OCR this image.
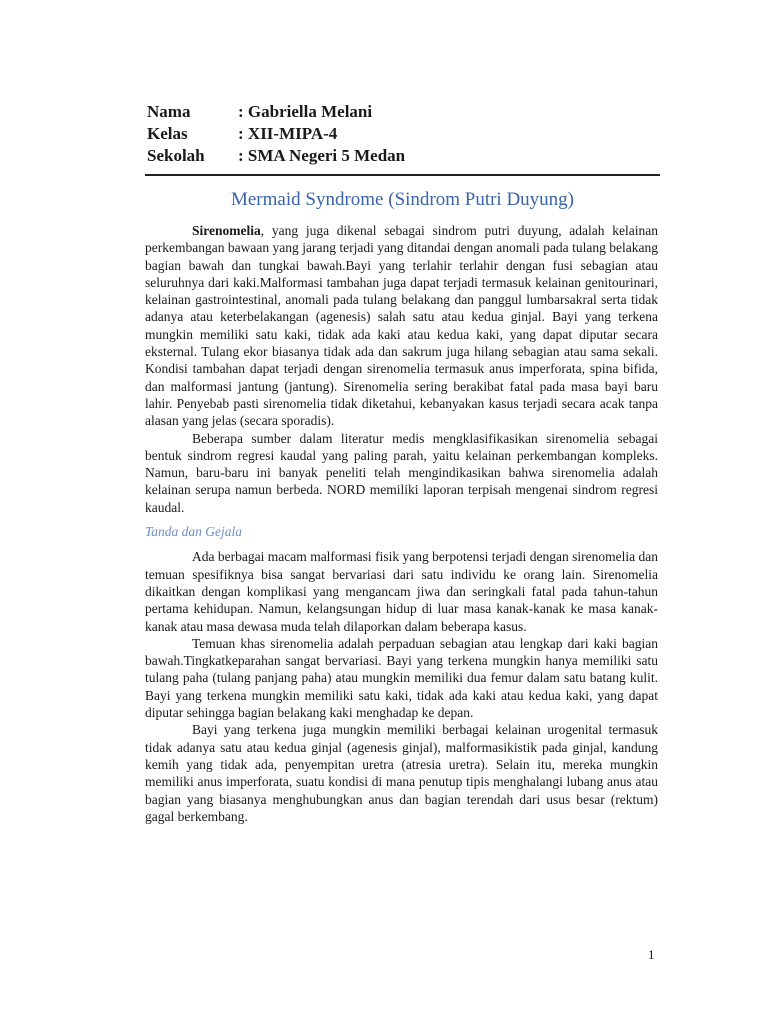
Nama	: Gabriella Melani
Kelas	: XII-MIPA-4
Sekolah	: SMA Negeri 5 Medan
Mermaid Syndrome (Sindrom Putri Duyung)

Sirenomelia, yang juga dikenal sebagai sindrom putri duyung, adalah kelainan perkembangan bawaan yang jarang terjadi yang ditandai dengan anomali pada tulang belakang bagian bawah dan tungkai bawah.Bayi yang terlahir terlahir dengan fusi sebagian atau seluruhnya dari kaki.Malformasi tambahan juga dapat terjadi termasuk kelainan genitourinari, kelainan gastrointestinal, anomali pada tulang belakang dan panggul lumbarsakral serta tidak adanya atau keterbelakangan (agenesis) salah satu atau kedua ginjal. Bayi yang terkena mungkin memiliki satu kaki, tidak ada kaki atau kedua kaki, yang dapat diputar secara eksternal. Tulang ekor biasanya tidak ada dan sakrum juga hilang sebagian atau sama sekali. Kondisi tambahan dapat terjadi dengan sirenomelia termasuk anus imperforata, spina bifida, dan malformasi jantung (jantung). Sirenomelia sering berakibat fatal pada masa bayi baru lahir. Penyebab pasti sirenomelia tidak diketahui, kebanyakan kasus terjadi secara acak tanpa alasan yang jelas (secara sporadis).

Beberapa sumber dalam literatur medis mengklasifikasikan sirenomelia sebagai bentuk sindrom regresi kaudal yang paling parah, yaitu kelainan perkembangan kompleks. Namun, baru-baru ini banyak peneliti telah mengindikasikan bahwa sirenomelia adalah kelainan serupa namun berbeda. NORD memiliki laporan terpisah mengenai sindrom regresi kaudal.

Tanda dan Gejala

Ada berbagai macam malformasi fisik yang berpotensi terjadi dengan sirenomelia dan temuan spesifiknya bisa sangat bervariasi dari satu individu ke orang lain. Sirenomelia dikaitkan dengan komplikasi yang mengancam jiwa dan seringkali fatal pada tahun-tahun pertama kehidupan. Namun, kelangsungan hidup di luar masa kanak-kanak ke masa kanak-kanak atau masa dewasa muda telah dilaporkan dalam beberapa kasus.

Temuan khas sirenomelia adalah perpaduan sebagian atau lengkap dari kaki bagian bawah.Tingkatkeparahan sangat bervariasi. Bayi yang terkena mungkin hanya memiliki satu tulang paha (tulang panjang paha) atau mungkin memiliki dua femur dalam satu batang kulit. Bayi yang terkena mungkin memiliki satu kaki, tidak ada kaki atau kedua kaki, yang dapat diputar sehingga bagian belakang kaki menghadap ke depan.

Bayi yang terkena juga mungkin memiliki berbagai kelainan urogenital termasuk tidak adanya satu atau kedua ginjal (agenesis ginjal), malformasikistik pada ginjal, kandung kemih yang tidak ada, penyempitan uretra (atresia uretra). Selain itu, mereka mungkin memiliki anus imperforata, suatu kondisi di mana penutup tipis menghalangi lubang anus atau bagian yang biasanya menghubungkan anus dan bagian terendah dari usus besar (rektum) gagal berkembang.

1
